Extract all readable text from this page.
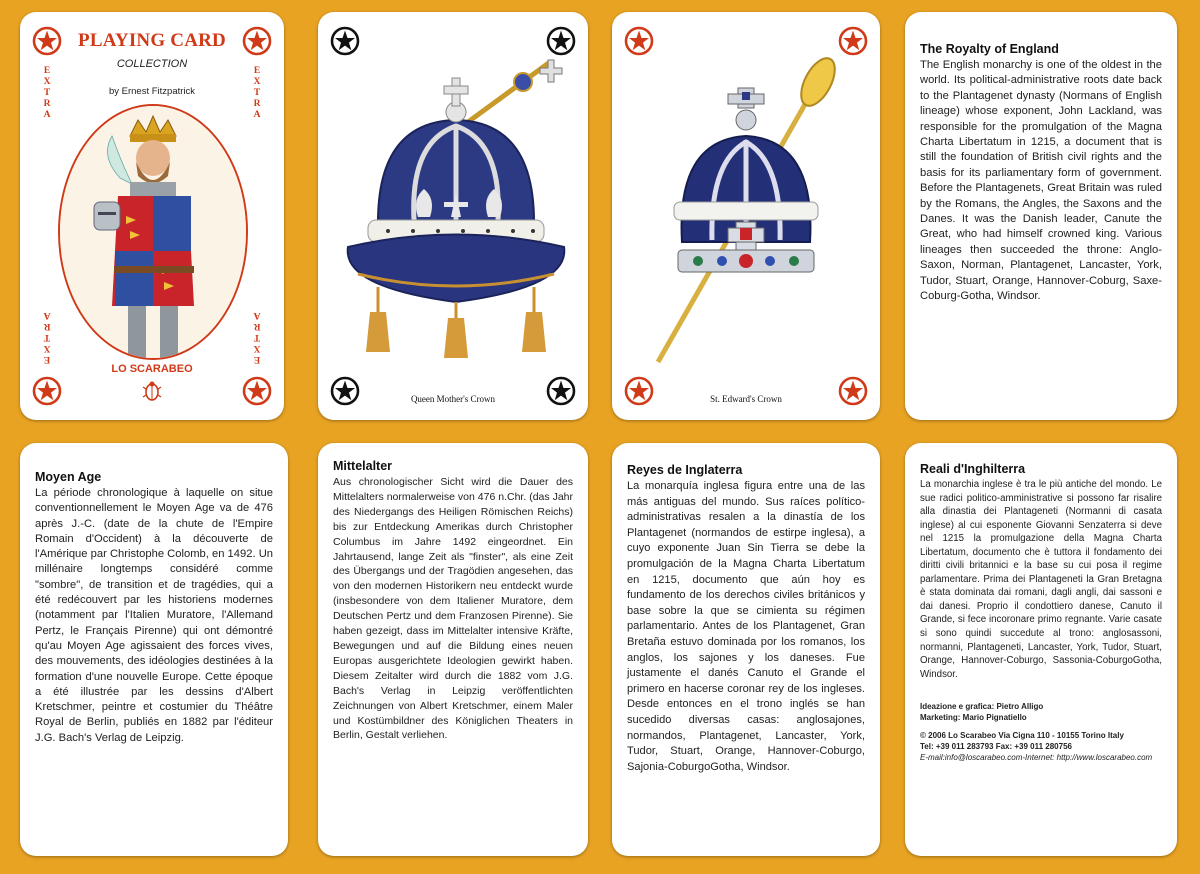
PLAYING CARD
COLLECTION
by Ernest Fitzpatrick
E
X
T
R
A
E
X
T
R
A
E
X
T
R
A
E
X
T
R
A
LO SCARABEO
Queen Mother's Crown	St. Edward's Crown
The Royalty of England
The English monarchy is one of the oldest in the world. Its political-administrative roots date back to the Plantagenet dynasty (Normans of English lineage) whose exponent, John Lackland, was responsible for the promulgation of the Magna Charta Libertatum in 1215, a document that is still the foundation of British civil rights and the basis for its parliamentary form of government. Before the Plantagenets, Great Britain was ruled by the Romans, the Angles, the Saxons and the Danes. It was the Danish leader, Canute the Great, who had himself crowned king. Various lineages then succeeded the throne: Anglo-Saxon, Norman, Plantagenet, Lancaster, York, Tudor, Stuart, Orange, Hannover-Coburg, Saxe-Coburg-Gotha, Windsor.
Moyen Age
La période chronologique à laquelle on situe conventionnellement le Moyen Age va de 476 après J.-C. (date de la chute de l'Empire Romain d'Occident) à la découverte de l'Amérique par Christophe Colomb, en 1492. Un millénaire longtemps considéré comme "sombre", de transition et de tragédies, qui a été redécouvert par les historiens modernes (notamment par l'Italien Muratore, l'Allemand Pertz, le Français Pirenne) qui ont démontré qu'au Moyen Age agissaient des forces vives, des mouvements, des idéologies destinées à la formation d'une nouvelle Europe. Cette époque a été illustrée par les dessins d'Albert Kretschmer, peintre et costumier du Théâtre Royal de Berlin, publiés en 1882 par l'éditeur J.G. Bach's Verlag de Leipzig.
Mittelalter
Aus chronologischer Sicht wird die Dauer des Mittelalters normalerweise von 476 n.Chr. (das Jahr des Niedergangs des Heiligen Römischen Reichs) bis zur Entdeckung Amerikas durch Christopher Columbus im Jahre 1492 eingeordnet. Ein Jahrtausend, lange Zeit als "finster", als eine Zeit des Übergangs und der Tragödien angesehen, das von den modernen Historikern neu entdeckt wurde (insbesondere von dem Italiener Muratore, dem Deutschen Pertz und dem Franzosen Pirenne). Sie haben gezeigt, dass im Mittelalter intensive Kräfte, Bewegungen und auf die Bildung eines neuen Europas ausgerichtete Ideologien gewirkt haben. Diesem Zeitalter wird durch die 1882 vom J.G. Bach's Verlag in Leipzig veröffentlichten Zeichnungen von Albert Kretschmer, einem Maler und Kostümbildner des Königlichen Theaters in Berlin, Gestalt verliehen.
Reyes de Inglaterra
La monarquía inglesa figura entre una de las más antiguas del mundo. Sus raíces político-administrativas resalen a la dinastía de los Plantagenet (normandos de estirpe inglesa), a cuyo exponente Juan Sin Tierra se debe la promulgación de la Magna Charta Libertatum en 1215, documento que aún hoy es fundamento de los derechos civiles británicos y base sobre la que se cimienta su régimen parlamentario. Antes de los Plantagenet, Gran Bretaña estuvo dominada por los romanos, los anglos, los sajones y los daneses. Fue justamente el danés Canuto el Grande el primero en hacerse coronar rey de los ingleses. Desde entonces en el trono inglés se han sucedido diversas casas: anglosajones, normandos, Plantagenet, Lancaster, York, Tudor, Stuart, Orange, Hannover-Coburgo, Sajonia-CoburgoGotha, Windsor.
Reali d'Inghilterra
La monarchia inglese è tra le più antiche del mondo. Le sue radici politico-amministrative si possono far risalire alla dinastia dei Plantageneti (Normanni di casata inglese) al cui esponente Giovanni Senzaterra si deve nel 1215 la promulgazione della Magna Charta Libertatum, documento che è tuttora il fondamento dei diritti civili britannici e la base su cui posa il regime parlamentare. Prima dei Plantageneti la Gran Bretagna è stata dominata dai romani, dagli angli, dai sassoni e dai danesi. Proprio il condottiero danese, Canuto il Grande, si fece incoronare primo regnante. Varie casate si sono quindi succedute al trono: anglosassoni, normanni, Plantageneti, Lancaster, York, Tudor, Stuart, Orange, Hannover-Coburgo, Sassonia-CoburgoGotha, Windsor.
Ideazione e grafica: Pietro Alligo
Marketing: Mario Pignatiello
© 2006 Lo Scarabeo Via Cigna 110 - 10155 Torino Italy
Tel: +39 011 283793 Fax: +39 011 280756
E-mail:info@loscarabeo.com-Internet: http://www.loscarabeo.com
